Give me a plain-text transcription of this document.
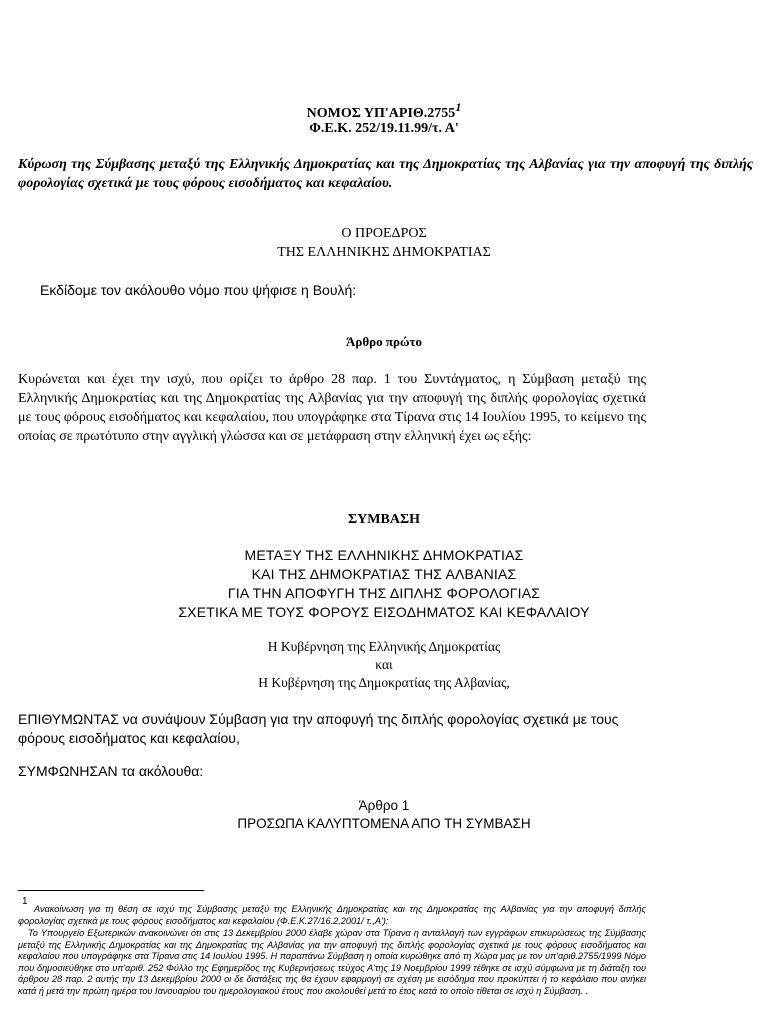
ΝΟΜΟΣ ΥΠ'ΑΡΙΘ.2755$^1$
Φ.Ε.Κ. 252/19.11.99/τ. Α'
Κύρωση της Σύμβασης μεταξύ της Ελληνικής Δημοκρατίας και της Δημοκρατίας της Αλβανίας για την αποφυγή της διπλής φορολογίας σχετικά με τους φόρους εισοδήματος και κεφαλαίου.
Ο ΠΡΟΕΔΡΟΣ
ΤΗΣ ΕΛΛΗΝΙΚΗΣ ΔΗΜΟΚΡΑΤΙΑΣ
Εκδίδομε τον ακόλουθο νόμο που ψήφισε η Βουλή:
Άρθρο πρώτο
Κυρώνεται και έχει την ισχύ, που ορίζει το άρθρο 28 παρ. 1 του Συντάγματος, η Σύμβαση μεταξύ της Ελληνικής Δημοκρατίας και της Δημοκρατίας της Αλβανίας για την αποφυγή της διπλής φορολογίας σχετικά με τους φόρους εισοδήματος και κεφαλαίου, που υπογράφηκε στα Τίρανα στις 14 Ιουλίου 1995, το κείμενο της οποίας σε πρωτότυπο στην αγγλική γλώσσα και σε μετάφραση στην ελληνική έχει ως εξής:
ΣΥΜΒΑΣΗ
ΜΕΤΑΞΥ ΤΗΣ ΕΛΛΗΝΙΚΗΣ ΔΗΜΟΚΡΑΤΙΑΣ
ΚΑΙ ΤΗΣ ΔΗΜΟΚΡΑΤΙΑΣ ΤΗΣ ΑΛΒΑΝΙΑΣ
ΓΙΑ ΤΗΝ ΑΠΟΦΥΓΗ ΤΗΣ ΔΙΠΛΗΣ ΦΟΡΟΛΟΓΙΑΣ
ΣΧΕΤΙΚΑ ΜΕ ΤΟΥΣ ΦΟΡΟΥΣ ΕΙΣΟΔΗΜΑΤΟΣ ΚΑΙ ΚΕΦΑΛΑΙΟΥ
Η Κυβέρνηση της Ελληνικής Δημοκρατίας
και
Η Κυβέρνηση της Δημοκρατίας της Αλβανίας,
ΕΠΙΘΥΜΩΝΤΑΣ να συνάψουν Σύμβαση για την αποφυγή της διπλής φορολογίας σχετικά με τους φόρους εισοδήματος και κεφαλαίου,
ΣΥΜΦΩΝΗΣΑΝ τα ακόλουθα:
Άρθρο 1
ΠΡΟΣΩΠΑ ΚΑΛΥΠΤΟΜΕΝΑ ΑΠΟ ΤΗ ΣΥΜΒΑΣΗ
1
Ανακοίνωση για τη θέση σε ισχύ της Σύμβασης μεταξύ της Ελληνικής Δημοκρατίας και της Δημοκρατίας της Αλβανίας για την αποφυγή διπλής φορολογίας σχετικά με τους φόρους εισοδήματος και κεφαλαίου (Φ.Ε.Κ.27/16.2.2001/ τ.,Α'):
Το Υπουργείο Εξωτερικών ανακοινώνει ότι στις 13 Δεκεμβρίου 2000 έλαβε χώραν στα Τίρανα η ανταλλαγή των εγγράφων επικυρώσεως της Σύμβασης μεταξύ της Ελληνικής Δημοκρατίας και της Δημοκρατίας της Αλβανίας για την αποφυγή της διπλής φορολογίας σχετικά με τους φόρους εισοδήματος και κεφαλαίου που υπογράφηκε στα Τίρανα στις 14 Ιουλίου 1995. Η παραπάνω Σύμβαση η οποία κυρώθηκε από τη Χώρα μας με τον υπ'αριθ.2755/1999 Νόμο που δημοσιεύθηκε στο υπ'αριθ. 252 Φύλλο της Εφημερίδος της Κυβερνήσεως τεύχος Α'της 19 Νοεμβρίου 1999 τέθηκε σε ισχύ σύμφωνα με τη διάταξη του άρθρου 28 παρ. 2 αυτής την 13 Δεκεμβρίου 2000 οι δε διατάξεις της θα έχουν εφαρμογή σε σχέση με εισόδημα που προκύπτει ή το κεφάλαιο που ανήκει κατά ή μετά την πρώτη ημέρα του Ιανουαρίου του ημερολογιακού έτους που ακολουθεί μετά το έτος κατά το οποίο τίθεται σε ισχύ η Σύμβαση. .
